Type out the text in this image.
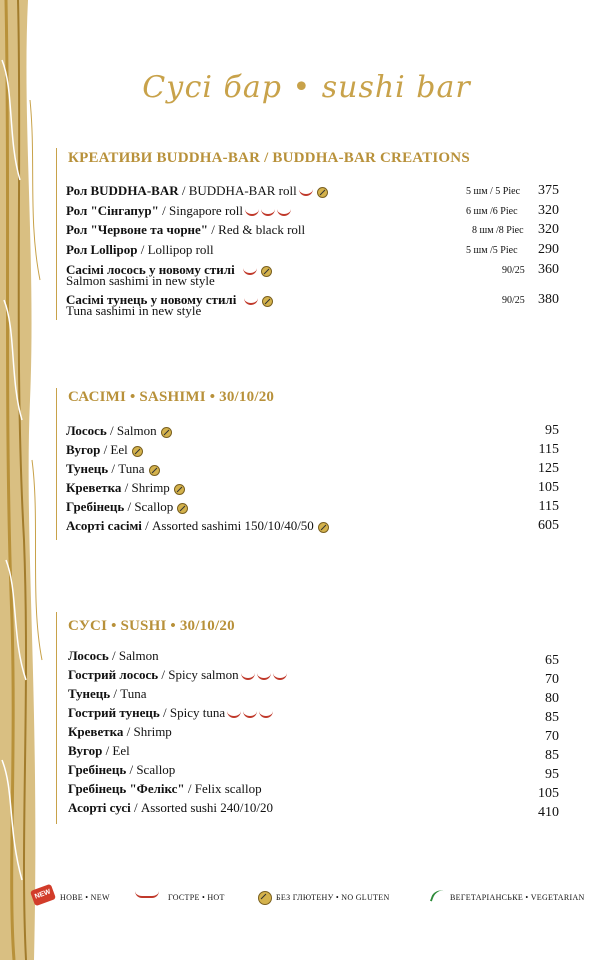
Сусі бар • sushi bar
КРЕАТИВИ BUDDHA-BAR / BUDDHA-BAR CREATIONS
Рол BUDDHA-BAR / BUDDHA-BAR roll	5 шм / 5 Piec 375
Рол "Сінгапур" / Singapore roll	6 шм /6 Piec 320
Рол "Червоне та чорне" / Red & black roll	8 шм /8 Piec 320
Рол Lollipop / Lollipop roll	5 шм /5 Piec 290
Сасімі лосось у новому стилі
Salmon sashimi in new style
90/25 360
Сасімі тунець у новому стилі
Tuna sashimi in new style
90/25 380
САСІМІ • SASHIMI • 30/10/20
Лосось / Salmon	95
Вугор / Eel	115
Тунець / Tuna	125
Креветка / Shrimp	105
Гребінець / Scallop	115
Асорті сасімі / Assorted sashimi 150/10/40/50	605
СУСІ • SUSHI • 30/10/20
Лосось / Salmon	65
Гострий лосось / Spicy salmon	70
Тунець / Tuna	80
Гострий тунець / Spicy tuna	85
Креветка / Shrimp	70
Вугор / Eel	85
Гребінець / Scallop	95
Гребінець "Фелікс" / Felix scallop	105
Асорті сусі / Assorted sushi 240/10/20	410
NEW	НОВЕ • NEW	ГОСТРЕ • HOT	БЕЗ ГЛЮТЕНУ • NO GLUTEN	ВЕГЕТАРІАНСЬКЕ • VEGETARIAN
